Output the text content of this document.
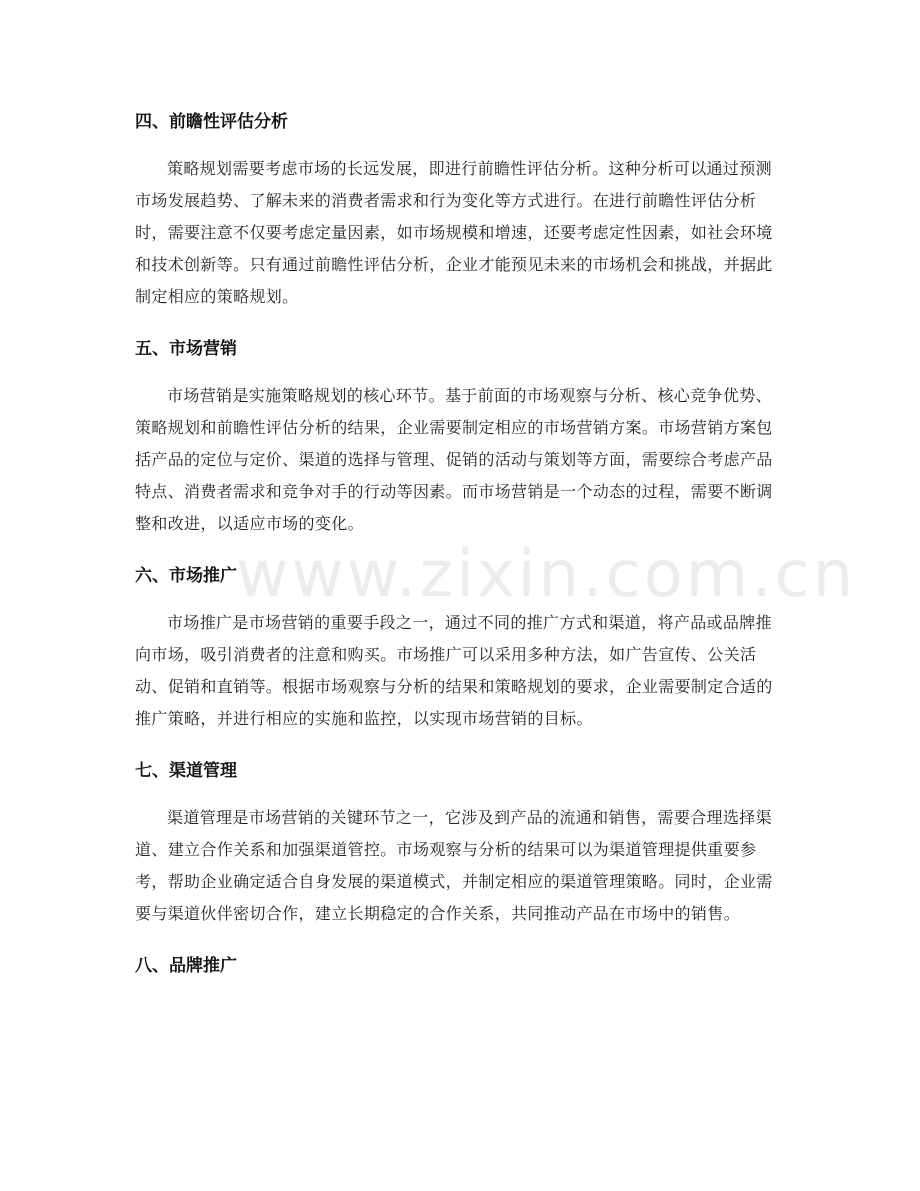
四、前瞻性评估分析
策略规划需要考虑市场的长远发展，即进行前瞻性评估分析。这种分析可以通过预测市场发展趋势、了解未来的消费者需求和行为变化等方式进行。在进行前瞻性评估分析时，需要注意不仅要考虑定量因素，如市场规模和增速，还要考虑定性因素，如社会环境和技术创新等。只有通过前瞻性评估分析，企业才能预见未来的市场机会和挑战，并据此制定相应的策略规划。
五、市场营销
市场营销是实施策略规划的核心环节。基于前面的市场观察与分析、核心竞争优势、策略规划和前瞻性评估分析的结果，企业需要制定相应的市场营销方案。市场营销方案包括产品的定位与定价、渠道的选择与管理、促销的活动与策划等方面，需要综合考虑产品特点、消费者需求和竞争对手的行动等因素。而市场营销是一个动态的过程，需要不断调整和改进，以适应市场的变化。
六、市场推广
市场推广是市场营销的重要手段之一，通过不同的推广方式和渠道，将产品或品牌推向市场，吸引消费者的注意和购买。市场推广可以采用多种方法，如广告宣传、公关活动、促销和直销等。根据市场观察与分析的结果和策略规划的要求，企业需要制定合适的推广策略，并进行相应的实施和监控，以实现市场营销的目标。
七、渠道管理
渠道管理是市场营销的关键环节之一，它涉及到产品的流通和销售，需要合理选择渠道、建立合作关系和加强渠道管控。市场观察与分析的结果可以为渠道管理提供重要参考，帮助企业确定适合自身发展的渠道模式，并制定相应的渠道管理策略。同时，企业需要与渠道伙伴密切合作，建立长期稳定的合作关系，共同推动产品在市场中的销售。
八、品牌推广
www.zixin.com.cn
